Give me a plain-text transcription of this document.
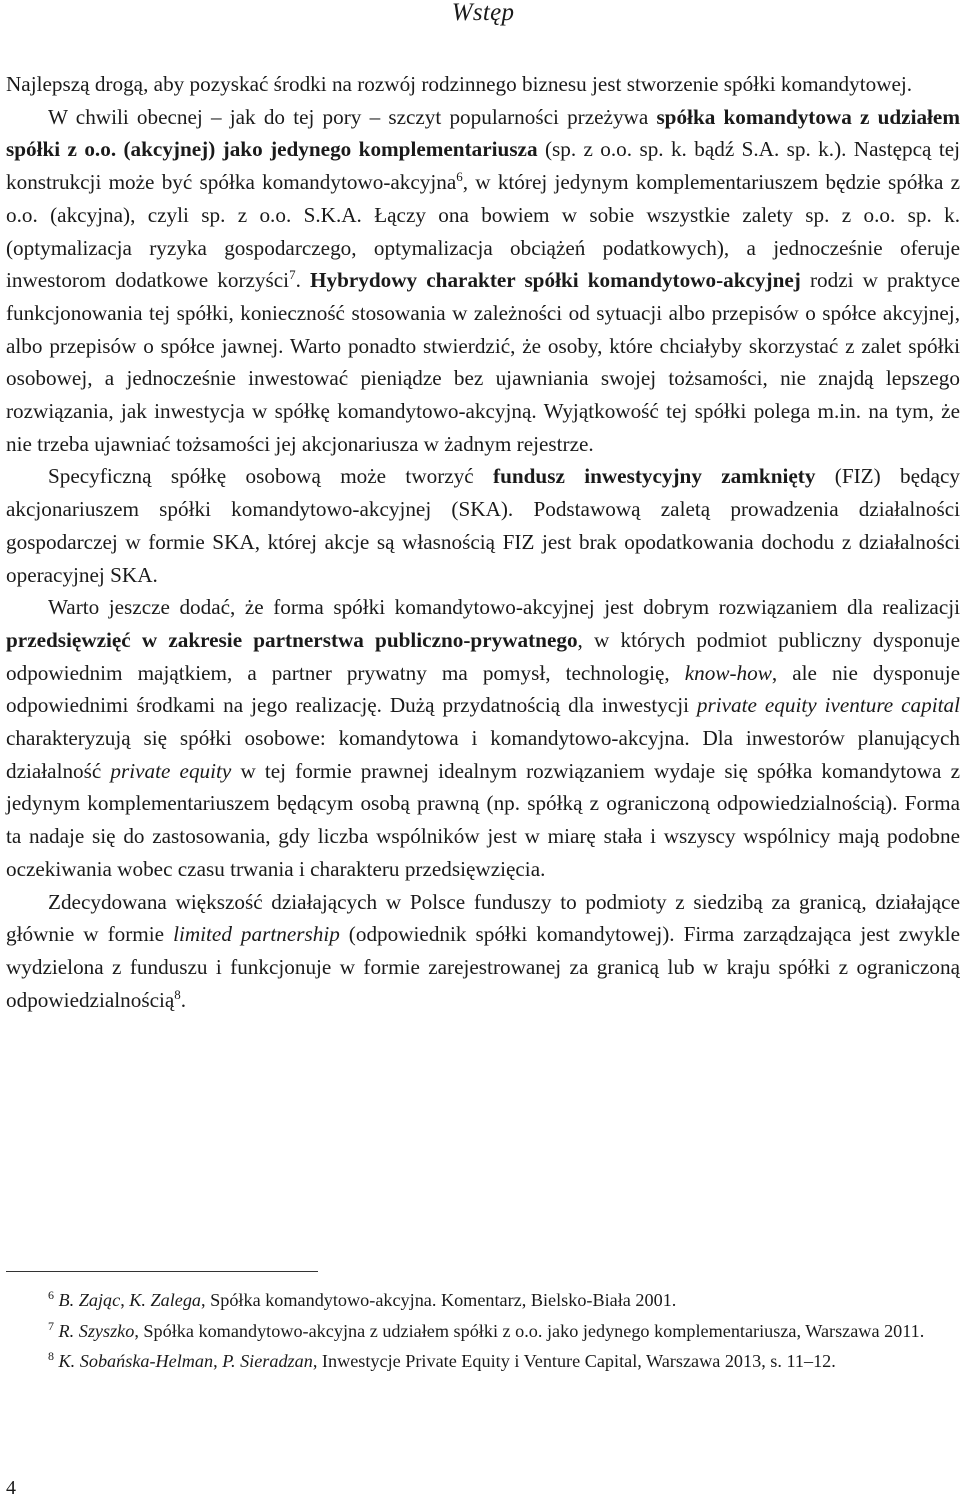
Wstęp

Najlepszą drogą, aby pozyskać środki na rozwój rodzinnego biznesu jest stworzenie spółki komandytowej.

W chwili obecnej – jak do tej pory – szczyt popularności przeżywa spółka komandytowa z udziałem spółki z o.o. (akcyjnej) jako jedynego komplementariusza (sp. z o.o. sp. k. bądź S.A. sp. k.). Następcą tej konstrukcji może być spółka komandytowo-akcyjna$^6$, w której jedynym komplementariuszem będzie spółka z o.o. (akcyjna), czyli sp. z o.o. S.K.A. Łączy ona bowiem w sobie wszystkie zalety sp. z o.o. sp. k. (optymalizacja ryzyka gospodarczego, optymalizacja obciążeń podatkowych), a jednocześnie oferuje inwestorom dodatkowe korzyści$^7$. Hybrydowy charakter spółki komandytowo-akcyjnej rodzi w praktyce funkcjonowania tej spółki, konieczność stosowania w zależności od sytuacji albo przepisów o spółce akcyjnej, albo przepisów o spółce jawnej. Warto ponadto stwierdzić, że osoby, które chciałyby skorzystać z zalet spółki osobowej, a jednocześnie inwestować pieniądze bez ujawniania swojej tożsamości, nie znajdą lepszego rozwiązania, jak inwestycja w spółkę komandytowo-akcyjną. Wyjątkowość tej spółki polega m.in. na tym, że nie trzeba ujawniać tożsamości jej akcjonariusza w żadnym rejestrze.

Specyficzną spółkę osobową może tworzyć fundusz inwestycyjny zamknięty (FIZ) będący akcjonariuszem spółki komandytowo-akcyjnej (SKA). Podstawową zaletą prowadzenia działalności gospodarczej w formie SKA, której akcje są własnością FIZ jest brak opodatkowania dochodu z działalności operacyjnej SKA.

Warto jeszcze dodać, że forma spółki komandytowo-akcyjnej jest dobrym rozwiązaniem dla realizacji przedsięwzięć w zakresie partnerstwa publiczno-prywatnego, w których podmiot publiczny dysponuje odpowiednim majątkiem, a partner prywatny ma pomysł, technologię, know-how, ale nie dysponuje odpowiednimi środkami na jego realizację. Dużą przydatnością dla inwestycji private equity iventure capital charakteryzują się spółki osobowe: komandytowa i komandytowo-akcyjna. Dla inwestorów planujących działalność private equity w tej formie prawnej idealnym rozwiązaniem wydaje się spółka komandytowa z jedynym komplementariuszem będącym osobą prawną (np. spółką z ograniczoną odpowiedzialnością). Forma ta nadaje się do zastosowania, gdy liczba wspólników jest w miarę stała i wszyscy wspólnicy mają podobne oczekiwania wobec czasu trwania i charakteru przedsięwzięcia.

Zdecydowana większość działających w Polsce funduszy to podmioty z siedzibą za granicą, działające głównie w formie limited partnership (odpowiednik spółki komandytowej). Firma zarządzająca jest zwykle wydzielona z funduszu i funkcjonuje w formie zarejestrowanej za granicą lub w kraju spółki z ograniczoną odpowiedzialnością$^8$.

$^6$ B. Zając, K. Zalega, Spółka komandytowo-akcyjna. Komentarz, Bielsko-Biała 2001.

$^7$ R. Szyszko, Spółka komandytowo-akcyjna z udziałem spółki z o.o. jako jedynego komplementariusza, Warszawa 2011.

$^8$ K. Sobańska-Helman, P. Sieradzan, Inwestycje Private Equity i Venture Capital, Warszawa 2013, s. 11–12.

4
